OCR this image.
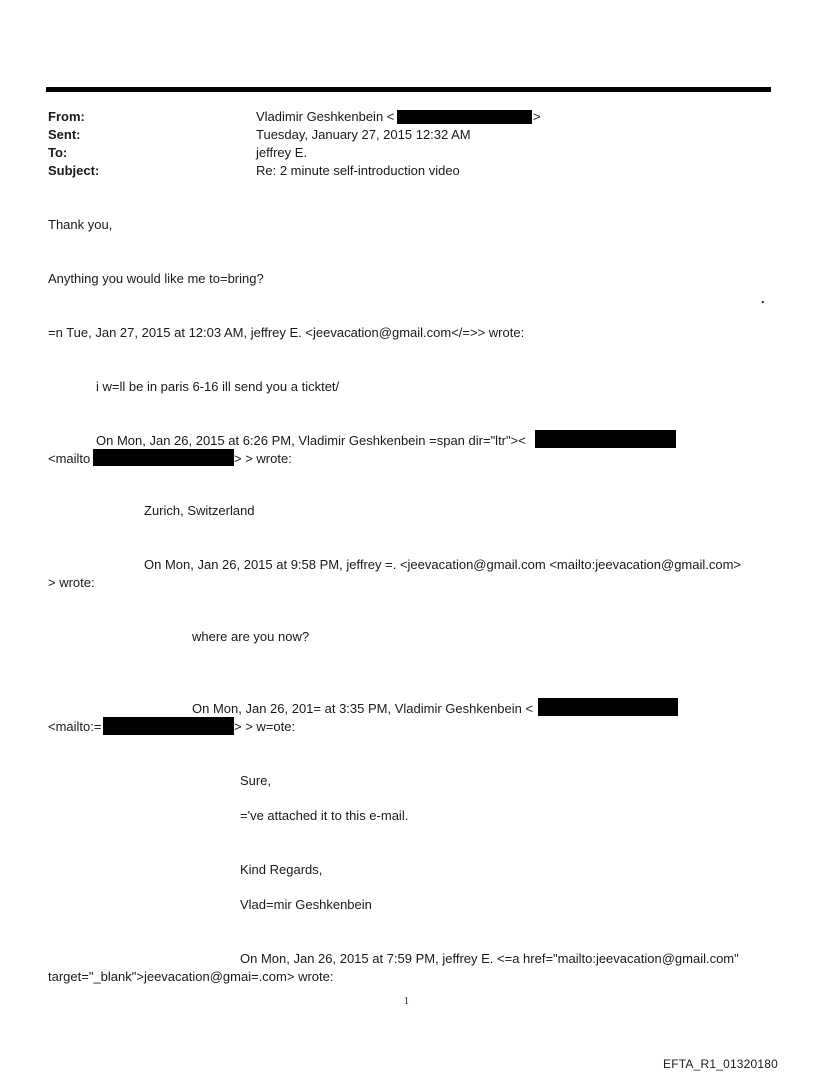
From:	Vladimir Geshkenbein <	>
Sent:	Tuesday, January 27, 2015 12:32 AM
To:	jeffrey E.
Subject:	Re: 2 minute self-introduction video
Thank you,
Anything you would like me to=bring?
.
=n Tue, Jan 27, 2015 at 12:03 AM, jeffrey E. <jeevacation@gmail.com</=>> wrote:
i w=ll be in paris 6-16 ill send you a ticktet/
On Mon, Jan 26, 2015 at 6:26 PM, Vladimir Geshkenbein =span dir="ltr"><
<mailto	> > wrote:
Zurich, Switzerland
On Mon, Jan 26, 2015 at 9:58 PM, jeffrey =. <jeevacation@gmail.com <mailto:jeevacation@gmail.com>
> wrote:
where are you now?
On Mon, Jan 26, 201= at 3:35 PM, Vladimir Geshkenbein <
<mailto:=	> > w=ote:
Sure,
='ve attached it to this e-mail.
Kind Regards,
Vlad=mir Geshkenbein
On Mon, Jan 26, 2015 at 7:59 PM, jeffrey E. <=a href="mailto:jeevacation@gmail.com"
target="_blank">jeevacation@gmai=.com> wrote:
1
EFTA_R1_01320180
